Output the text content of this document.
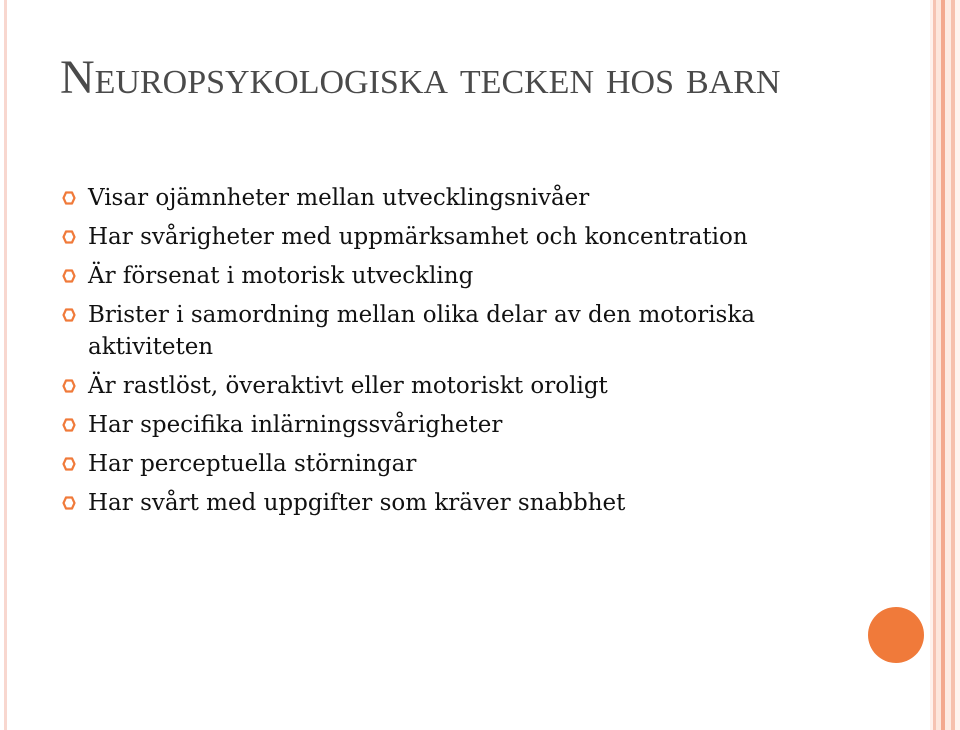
Neuropsykologiska tecken hos barn
Visar ojämnheter mellan utvecklingsnivåer
Har svårigheter med uppmärksamhet och koncentration
Är försenat i motorisk utveckling
Brister i samordning mellan olika delar av den motoriska aktiviteten
Är rastlöst, överaktivt eller motoriskt oroligt
Har specifika inlärningssvårigheter
Har perceptuella störningar
Har svårt med uppgifter som kräver snabbhet
